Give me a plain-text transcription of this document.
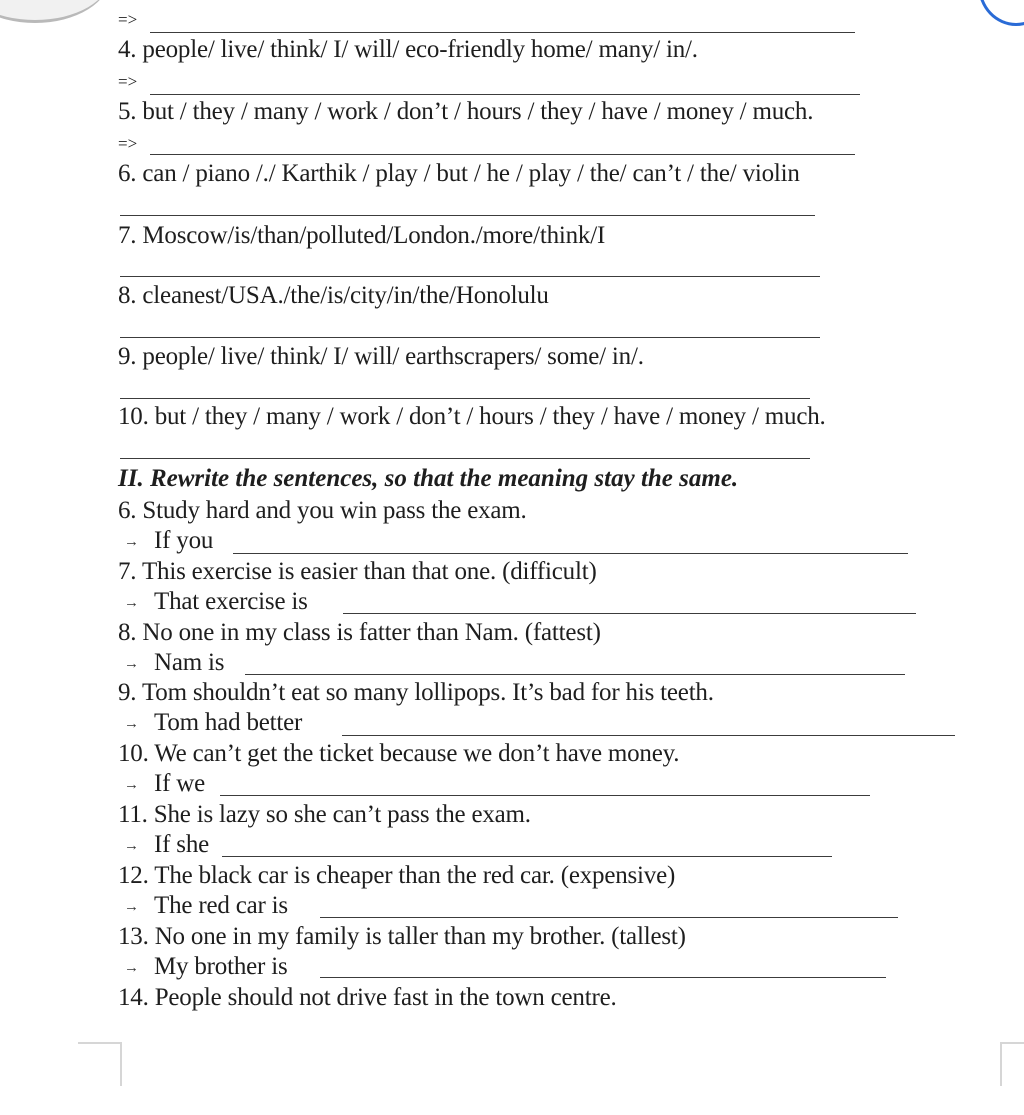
=>
4. people/ live/ think/ I/ will/ eco-friendly home/ many/ in/.
=>
5. but / they / many / work / don’t / hours / they / have / money / much.
=>
6. can / piano /./ Karthik / play / but / he / play / the/ can’t / the/ violin
7. Moscow/is/than/polluted/London./more/think/I
8. cleanest/USA./the/is/city/in/the/Honolulu
9. people/ live/ think/ I/ will/ earthscrapers/ some/ in/.
10. but / they / many / work / don’t / hours / they / have / money / much.
II. Rewrite the sentences, so that the meaning stay the same.
6. Study hard and you win pass the exam.
→ If you
7. This exercise is easier than that one. (difficult)
→ That exercise is
8. No one in my class is fatter than Nam. (fattest)
→ Nam is
9. Tom shouldn’t eat so many lollipops. It’s bad for his teeth.
→ Tom had better
10. We can’t get the ticket because we don’t have money.
→ If we
11. She is lazy so she can’t pass the exam.
→ If she
12. The black car is cheaper than the red car. (expensive)
→ The red car is
13. No one in my family is taller than my brother. (tallest)
→ My brother is
14. People should not drive fast in the town centre.
